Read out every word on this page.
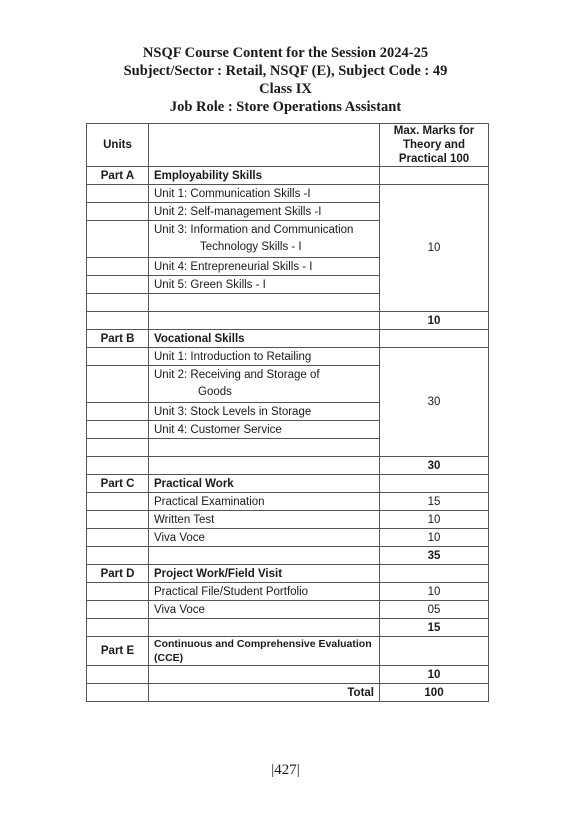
NSQF Course Content for the Session 2024-25
Subject/Sector : Retail, NSQF (E), Subject Code : 49
Class IX
Job Role : Store Operations Assistant
Units		Max. Marks for Theory and Practical 100
Part A	Employability Skills	
	Unit 1: Communication Skills -I	10
	Unit 2: Self-management Skills -I	
	Unit 3: Information and Communication
Technology Skills - I	

	Unit 4: Entrepreneurial Skills - I	
	Unit 5: Green Skills - I	

		10
Part B	Vocational Skills	
	Unit 1: Introduction to Retailing	30
	Unit 2: Receiving and Storage of
Goods	

	Unit 3: Stock Levels in Storage	
	Unit 4: Customer Service	

		30
Part C	Practical Work	
	Practical Examination	15
	Written Test	10
	Viva Voce	10
		35
Part D	Project Work/Field Visit	
	Practical File/Student Portfolio	10
	Viva Voce	05
		15
Part E	Continuous and Comprehensive Evaluation (CCE)	
		10
	Total	100
|427|
